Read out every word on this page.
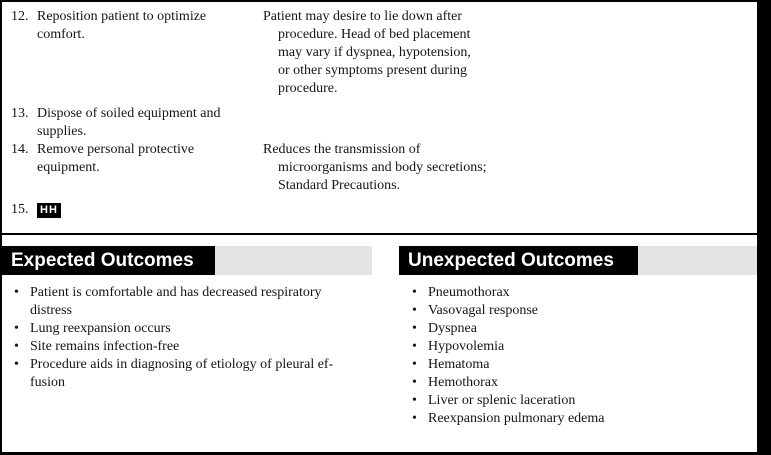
12. Reposition patient to optimize
comfort.
Patient may desire to lie down after
procedure. Head of bed placement
may vary if dyspnea, hypotension,
or other symptoms present during
procedure.
13. Dispose of soiled equipment and
supplies.
14. Remove personal protective
equipment.
Reduces the transmission of
microorganisms and body secretions;
Standard Precautions.
15.	HH
Expected Outcomes	Unexpected Outcomes
• Patient is comfortable and has decreased respiratory
distress
• Lung reexpansion occurs
• Site remains infection-free
• Procedure aids in diagnosing of etiology of pleural ef-
fusion
• Pneumothorax
• Vasovagal response
• Dyspnea
• Hypovolemia
• Hematoma
• Hemothorax
• Liver or splenic laceration
• Reexpansion pulmonary edema
